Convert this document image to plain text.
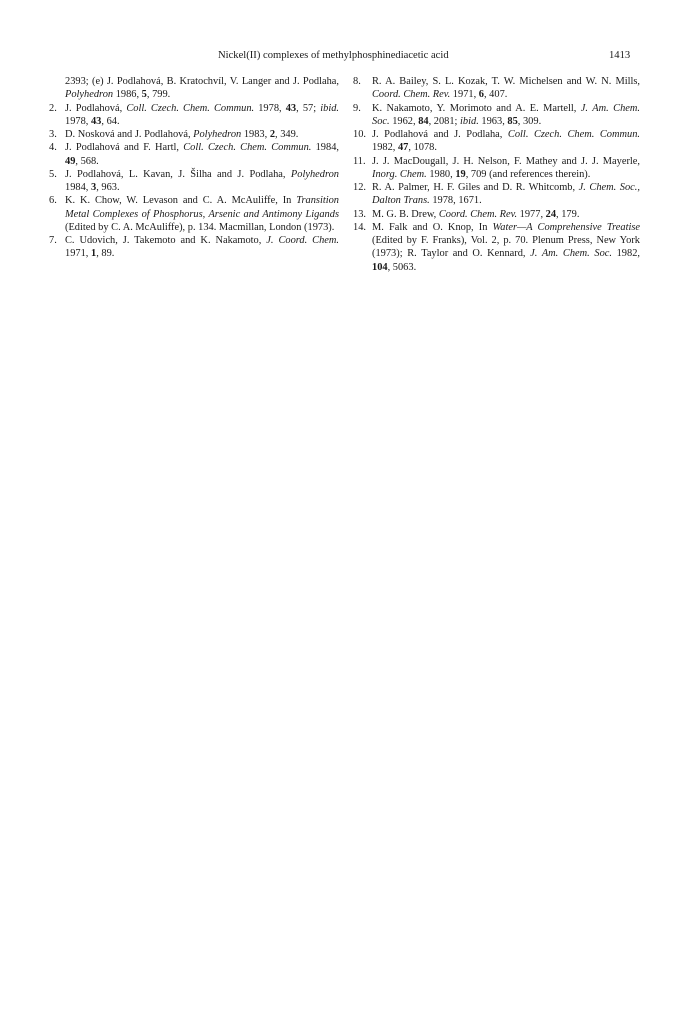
Nickel(II) complexes of methylphosphinediacetic acid	1413
2393; (e) J. Podlahová, B. Kratochvíl, V. Langer and J. Podlaha, Polyhedron 1986, 5, 799.
2. J. Podlahová, Coll. Czech. Chem. Commun. 1978, 43, 57; ibid. 1978, 43, 64.
3. D. Nosková and J. Podlahová, Polyhedron 1983, 2, 349.
4. J. Podlahová and F. Hartl, Coll. Czech. Chem. Commun. 1984, 49, 568.
5. J. Podlahová, L. Kavan, J. Šilha and J. Podlaha, Polyhedron 1984, 3, 963.
6. K. K. Chow, W. Levason and C. A. McAuliffe, In Transition Metal Complexes of Phosphorus, Arsenic and Antimony Ligands (Edited by C. A. McAuliffe), p. 134. Macmillan, London (1973).
7. C. Udovich, J. Takemoto and K. Nakamoto, J. Coord. Chem. 1971, 1, 89.
8. R. A. Bailey, S. L. Kozak, T. W. Michelsen and W. N. Mills, Coord. Chem. Rev. 1971, 6, 407.
9. K. Nakamoto, Y. Morimoto and A. E. Martell, J. Am. Chem. Soc. 1962, 84, 2081; ibid. 1963, 85, 309.
10. J. Podlahová and J. Podlaha, Coll. Czech. Chem. Commun. 1982, 47, 1078.
11. J. J. MacDougall, J. H. Nelson, F. Mathey and J. J. Mayerle, Inorg. Chem. 1980, 19, 709 (and references therein).
12. R. A. Palmer, H. F. Giles and D. R. Whitcomb, J. Chem. Soc., Dalton Trans. 1978, 1671.
13. M. G. B. Drew, Coord. Chem. Rev. 1977, 24, 179.
14. M. Falk and O. Knop, In Water—A Comprehensive Treatise (Edited by F. Franks), Vol. 2, p. 70. Plenum Press, New York (1973); R. Taylor and O. Kennard, J. Am. Chem. Soc. 1982, 104, 5063.
